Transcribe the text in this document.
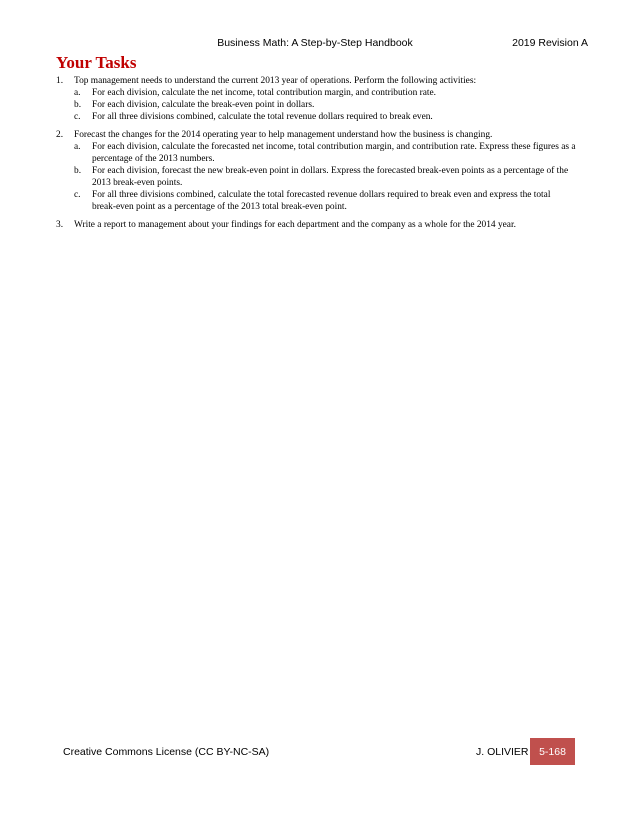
Business Math: A Step-by-Step Handbook	2019 Revision A
Your Tasks
1. Top management needs to understand the current 2013 year of operations. Perform the following activities:
a. For each division, calculate the net income, total contribution margin, and contribution rate.
b. For each division, calculate the break-even point in dollars.
c. For all three divisions combined, calculate the total revenue dollars required to break even.
2. Forecast the changes for the 2014 operating year to help management understand how the business is changing.
a. For each division, calculate the forecasted net income, total contribution margin, and contribution rate. Express these figures as a percentage of the 2013 numbers.
b. For each division, forecast the new break-even point in dollars. Express the forecasted break-even points as a percentage of the 2013 break-even points.
c. For all three divisions combined, calculate the total forecasted revenue dollars required to break even and express the total break-even point as a percentage of the 2013 total break-even point.
3. Write a report to management about your findings for each department and the company as a whole for the 2014 year.
Creative Commons License (CC BY-NC-SA)	J. OLIVIER	5-168
